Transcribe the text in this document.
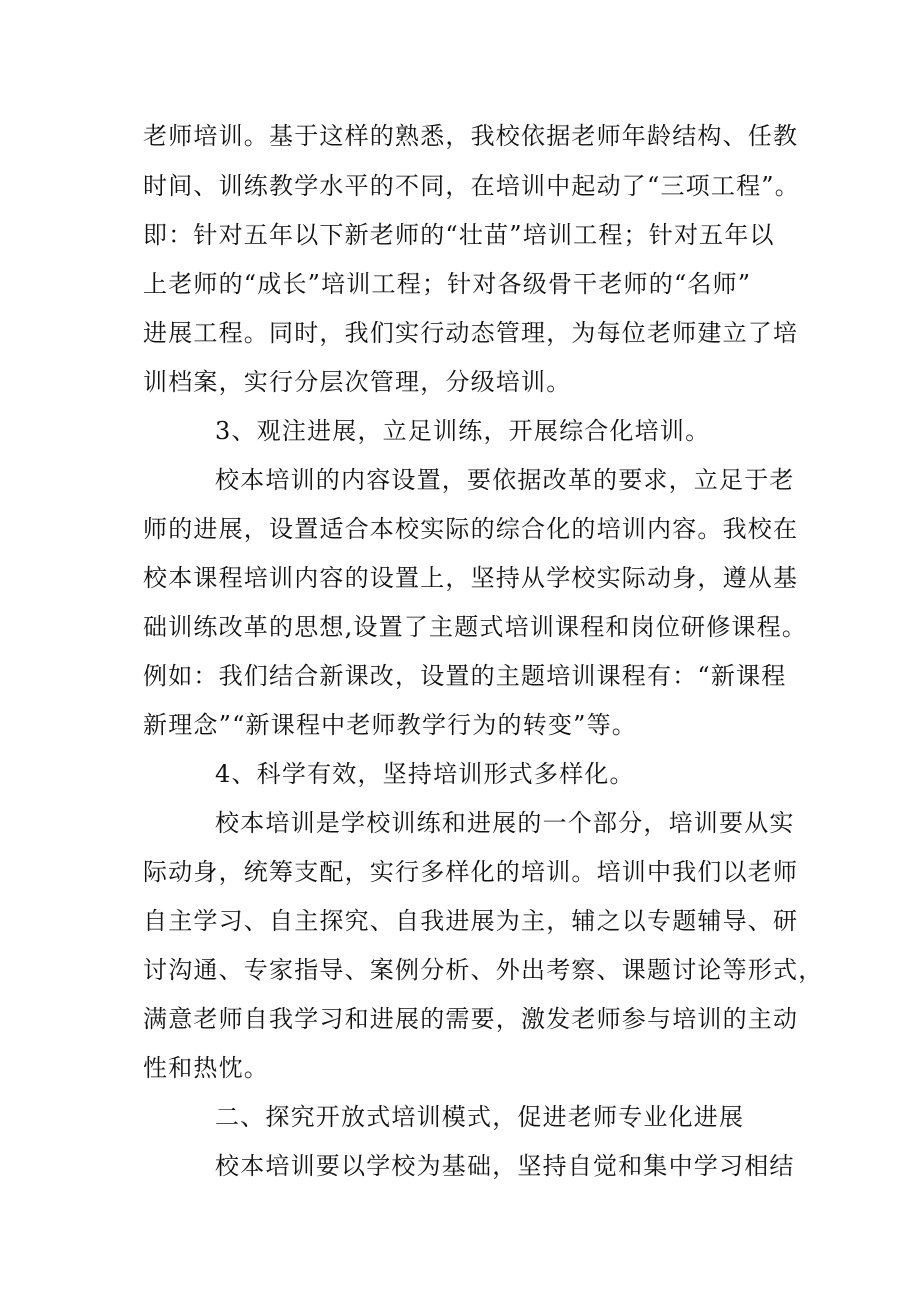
老师培训。基于这样的熟悉，我校依据老师年龄结构、任教
时间、训练教学水平的不同，在培训中起动了“三项工程”。
即：针对五年以下新老师的“壮苗”培训工程；针对五年以
上老师的“成长”培训工程；针对各级骨干老师的“名师”
进展工程。同时，我们实行动态管理，为每位老师建立了培
训档案，实行分层次管理，分级培训。
3、观注进展，立足训练，开展综合化培训。
校本培训的内容设置，要依据改革的要求，立足于老
师的进展，设置适合本校实际的综合化的培训内容。我校在
校本课程培训内容的设置上，坚持从学校实际动身，遵从基
础训练改革的思想,设置了主题式培训课程和岗位研修课程。
例如：我们结合新课改，设置的主题培训课程有：“新课程
新理念”“新课程中老师教学行为的转变”等。
4、科学有效，坚持培训形式多样化。
校本培训是学校训练和进展的一个部分，培训要从实
际动身，统筹支配，实行多样化的培训。培训中我们以老师
自主学习、自主探究、自我进展为主，辅之以专题辅导、研
讨沟通、专家指导、案例分析、外出考察、课题讨论等形式，
满意老师自我学习和进展的需要，激发老师参与培训的主动
性和热忱。
二、探究开放式培训模式，促进老师专业化进展
校本培训要以学校为基础，坚持自觉和集中学习相结
